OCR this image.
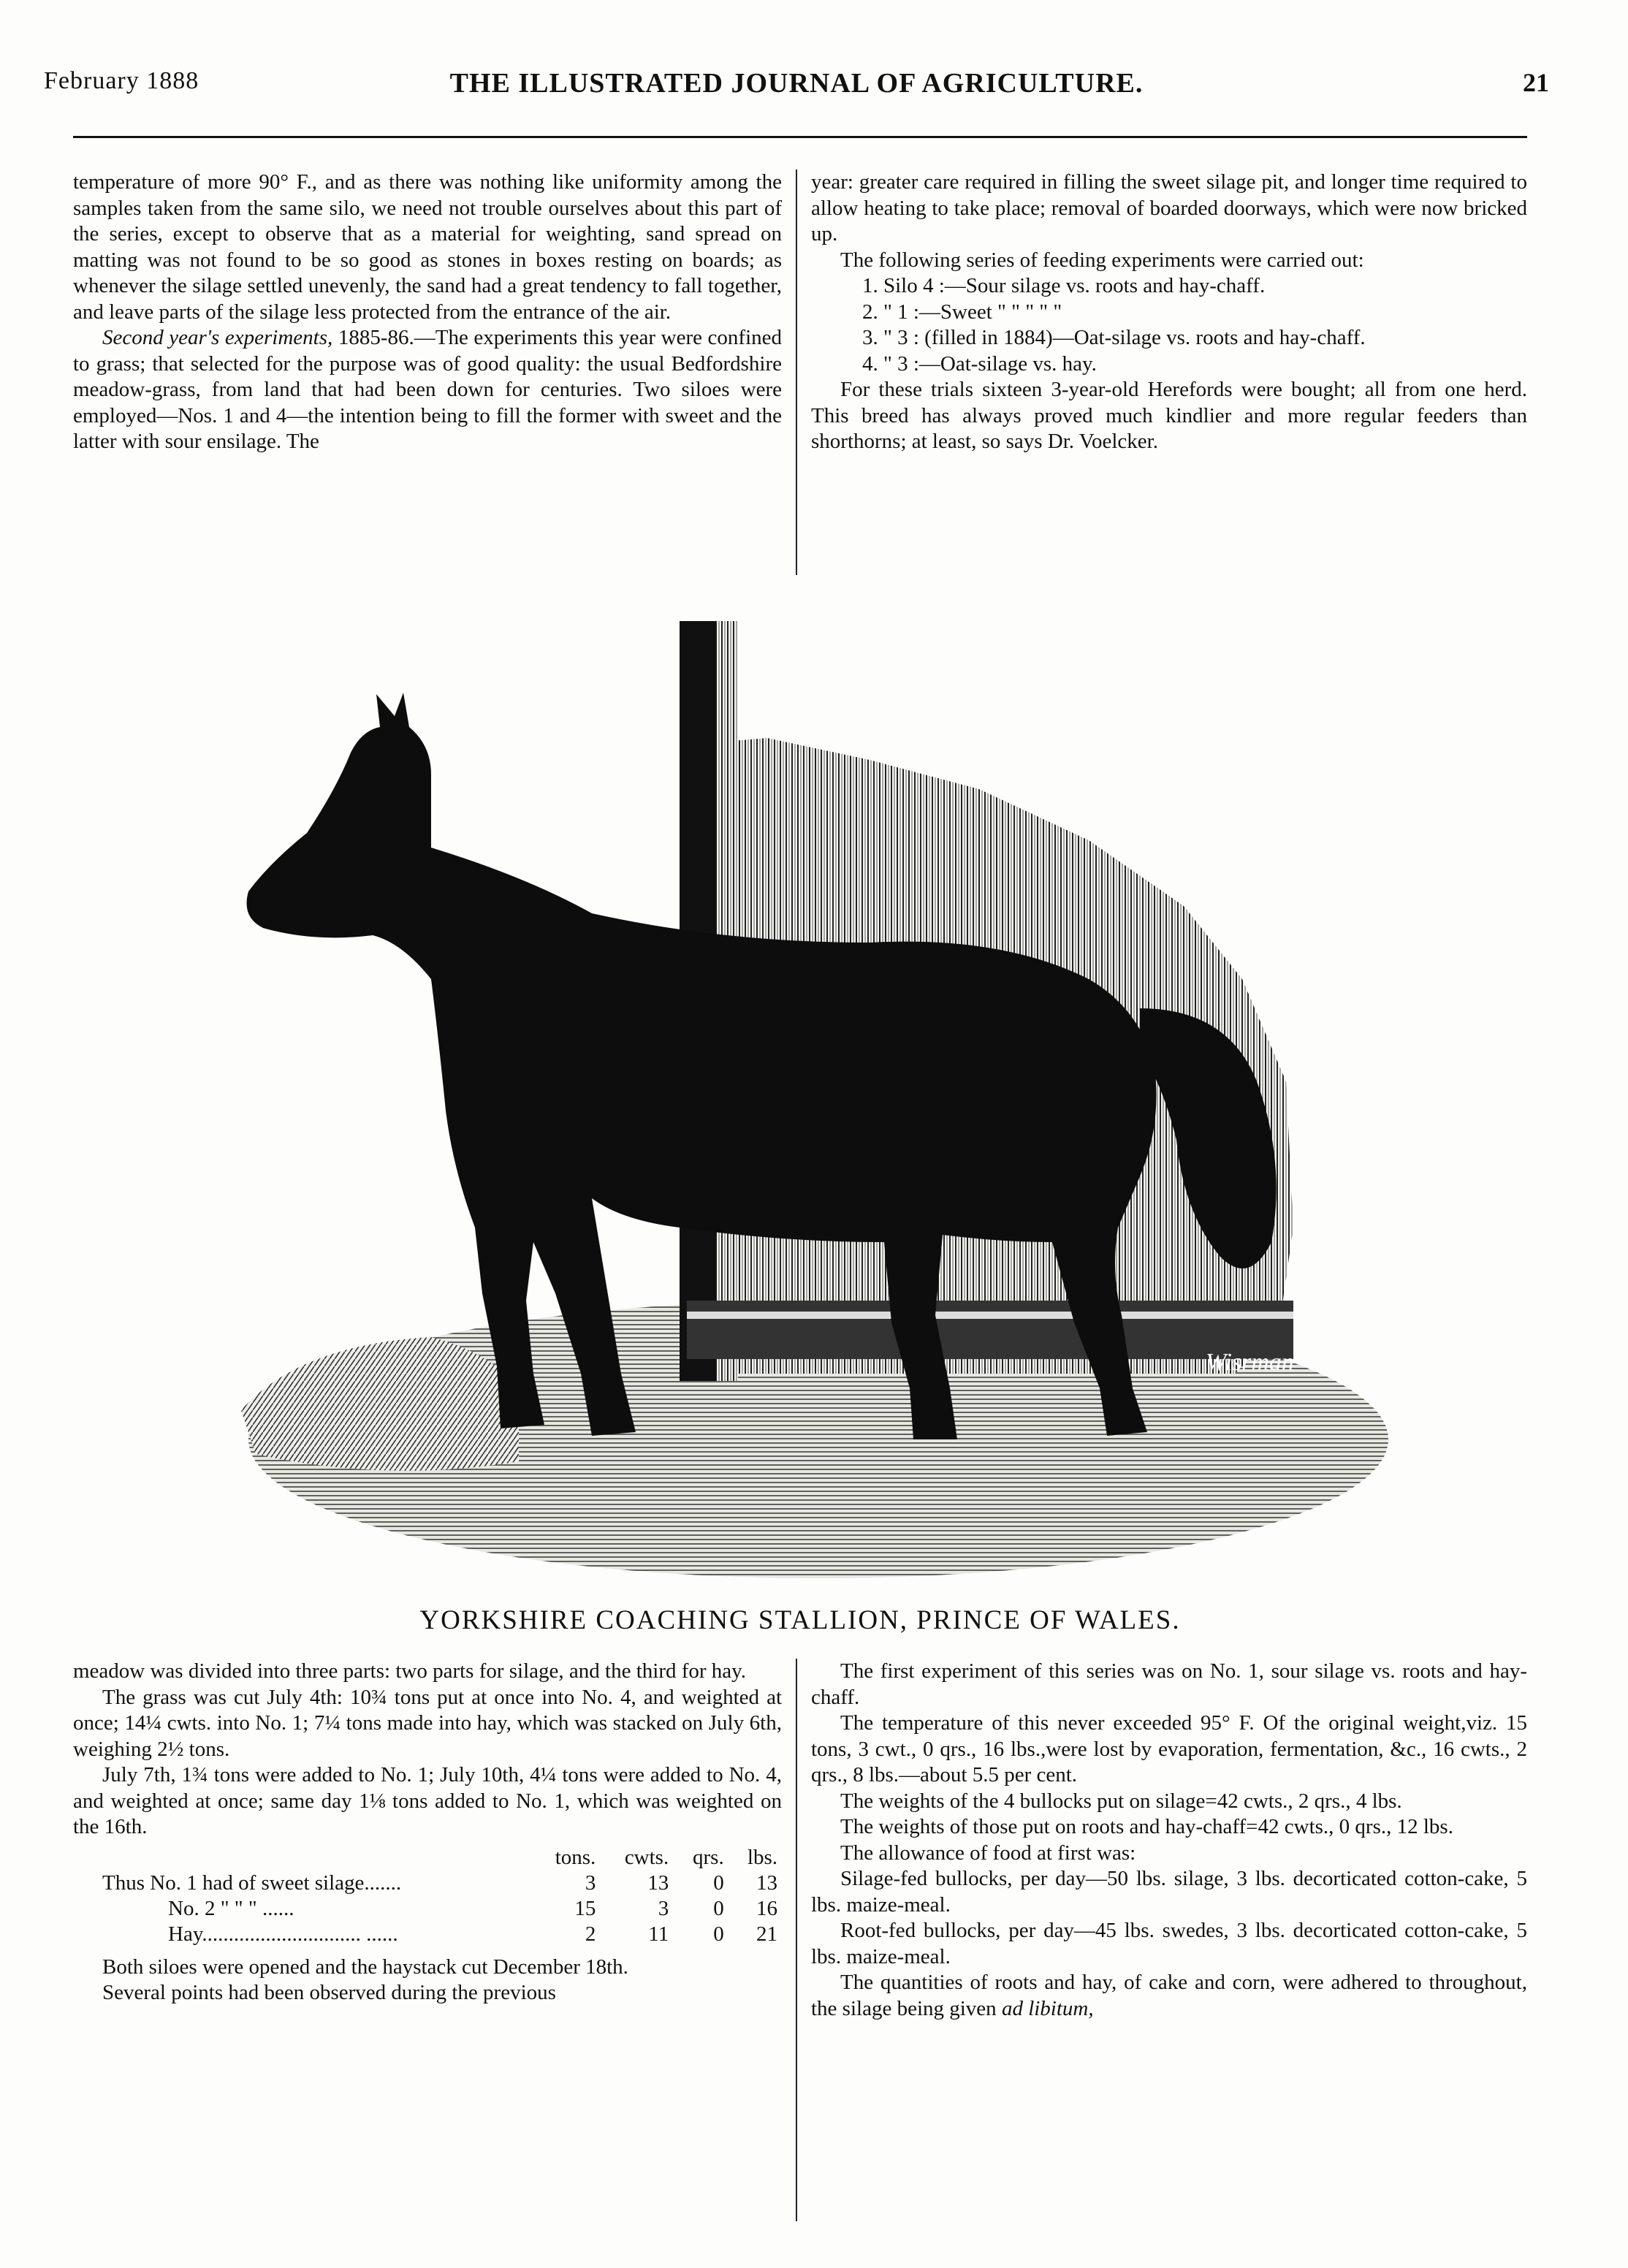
February 1888	THE ILLUSTRATED JOURNAL OF AGRICULTURE.	21

temperature of more 90° F., and as there was nothing like uniformity among the samples taken from the same silo, we need not trouble ourselves about this part of the series, except to observe that as a material for weighting, sand spread on matting was not found to be so good as stones in boxes resting on boards; as whenever the silage settled unevenly, the sand had a great tendency to fall together, and leave parts of the silage less protected from the entrance of the air.

Second year's experiments, 1885-86.—The experiments this year were confined to grass; that selected for the purpose was of good quality: the usual Bedfordshire meadow-grass, from land that had been down for centuries. Two siloes were employed—Nos. 1 and 4—the intention being to fill the former with sweet and the latter with sour ensilage. The

year: greater care required in filling the sweet silage pit, and longer time required to allow heating to take place; removal of boarded doorways, which were now bricked up.

The following series of feeding experiments were carried out:

1. Silo 4 :—Sour silage vs. roots and hay-chaff.
2. " 1 :—Sweet " " " " "
3. " 3 : (filled in 1884)—Oat-silage vs. roots and hay-chaff.
4. " 3 :—Oat-silage vs. hay.

For these trials sixteen 3-year-old Herefords were bought; all from one herd. This breed has always proved much kindlier and more regular feeders than shorthorns; at least, so says Dr. Voelcker.

Wisrman
YORKSHIRE COACHING STALLION, PRINCE OF WALES.

meadow was divided into three parts: two parts for silage, and the third for hay.

The grass was cut July 4th: 10¾ tons put at once into No. 4, and weighted at once; 14¼ cwts. into No. 1; 7¼ tons made into hay, which was stacked on July 6th, weighing 2½ tons.

July 7th, 1¾ tons were added to No. 1; July 10th, 4¼ tons were added to No. 4, and weighted at once; same day 1⅛ tons added to No. 1, which was weighted on the 16th.

	tons.	cwts.	qrs.	lbs.
Thus No. 1 had of sweet silage.......	3	13	0	13
No. 2 " " " ......	15	3	0	16
Hay.............................. ......	2	11	0	21

Both siloes were opened and the haystack cut December 18th.

Several points had been observed during the previous

The first experiment of this series was on No. 1, sour silage vs. roots and hay-chaff.

The temperature of this never exceeded 95° F. Of the original weight,viz. 15 tons, 3 cwt., 0 qrs., 16 lbs.,were lost by evaporation, fermentation, &c., 16 cwts., 2 qrs., 8 lbs.—about 5.5 per cent.

The weights of the 4 bullocks put on silage=42 cwts., 2 qrs., 4 lbs.

The weights of those put on roots and hay-chaff=42 cwts., 0 qrs., 12 lbs.

The allowance of food at first was:

Silage-fed bullocks, per day—50 lbs. silage, 3 lbs. decorticated cotton-cake, 5 lbs. maize-meal.

Root-fed bullocks, per day—45 lbs. swedes, 3 lbs. decorticated cotton-cake, 5 lbs. maize-meal.

The quantities of roots and hay, of cake and corn, were adhered to throughout, the silage being given ad libitum,
